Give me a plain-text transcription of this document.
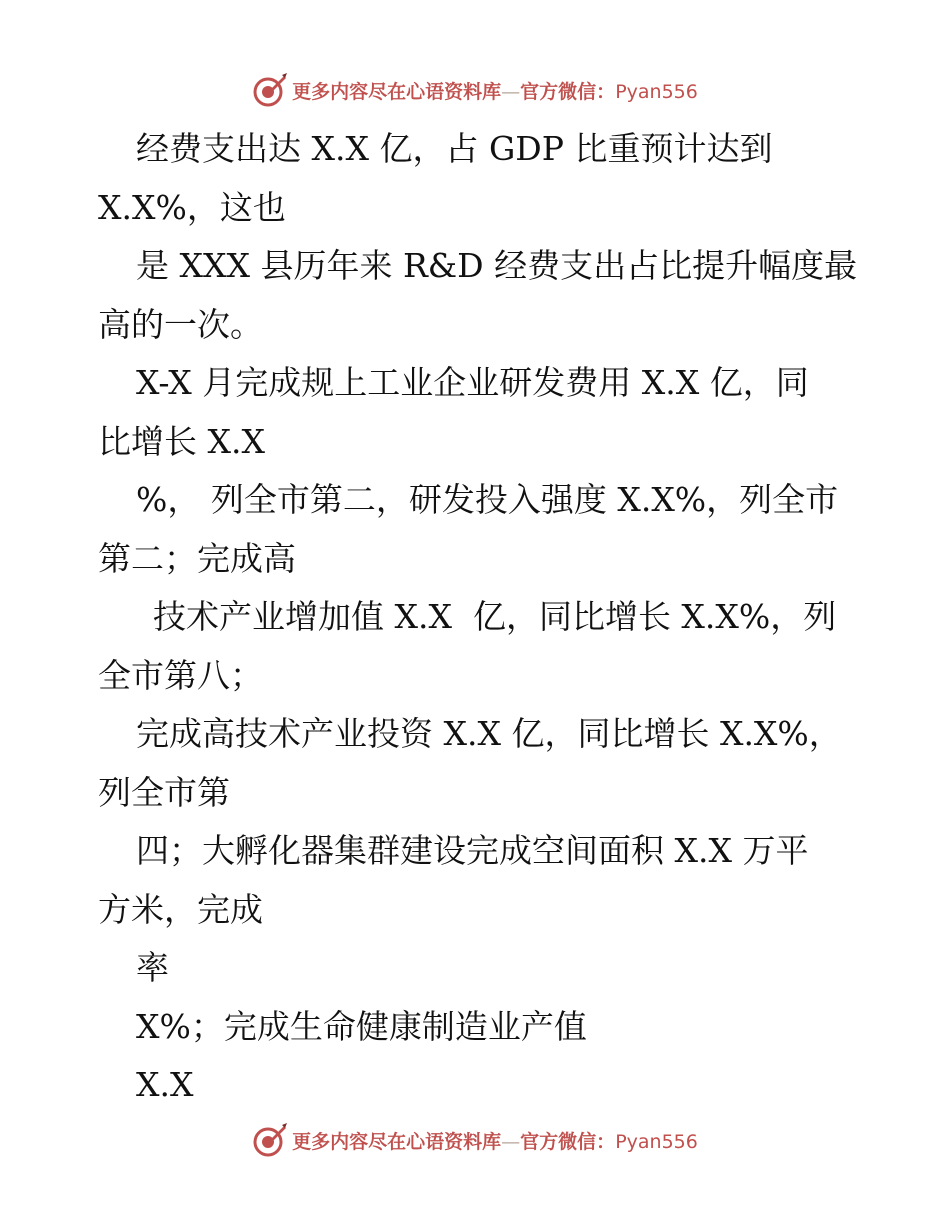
更多内容尽在心语资料库—官方微信：Pyan556

经费支出达 X.X 亿，占 GDP 比重预计达到
X.X%，这也

是 XXX 县历年来 R&D 经费支出占比提升幅度最
高的一次。

X-X 月完成规上工业企业研发费用 X.X 亿，同
比增长 X.X

%， 列全市第二，研发投入强度 X.X%，列全市
第二；完成高

技术产业增加值 X.X  亿，同比增长 X.X%，列
全市第八；

完成高技术产业投资 X.X 亿，同比增长 X.X%，
列全市第

四；大孵化器集群建设完成空间面积 X.X 万平
方米，完成

率

X%；完成生命健康制造业产值

X.X

更多内容尽在心语资料库—官方微信：Pyan556
